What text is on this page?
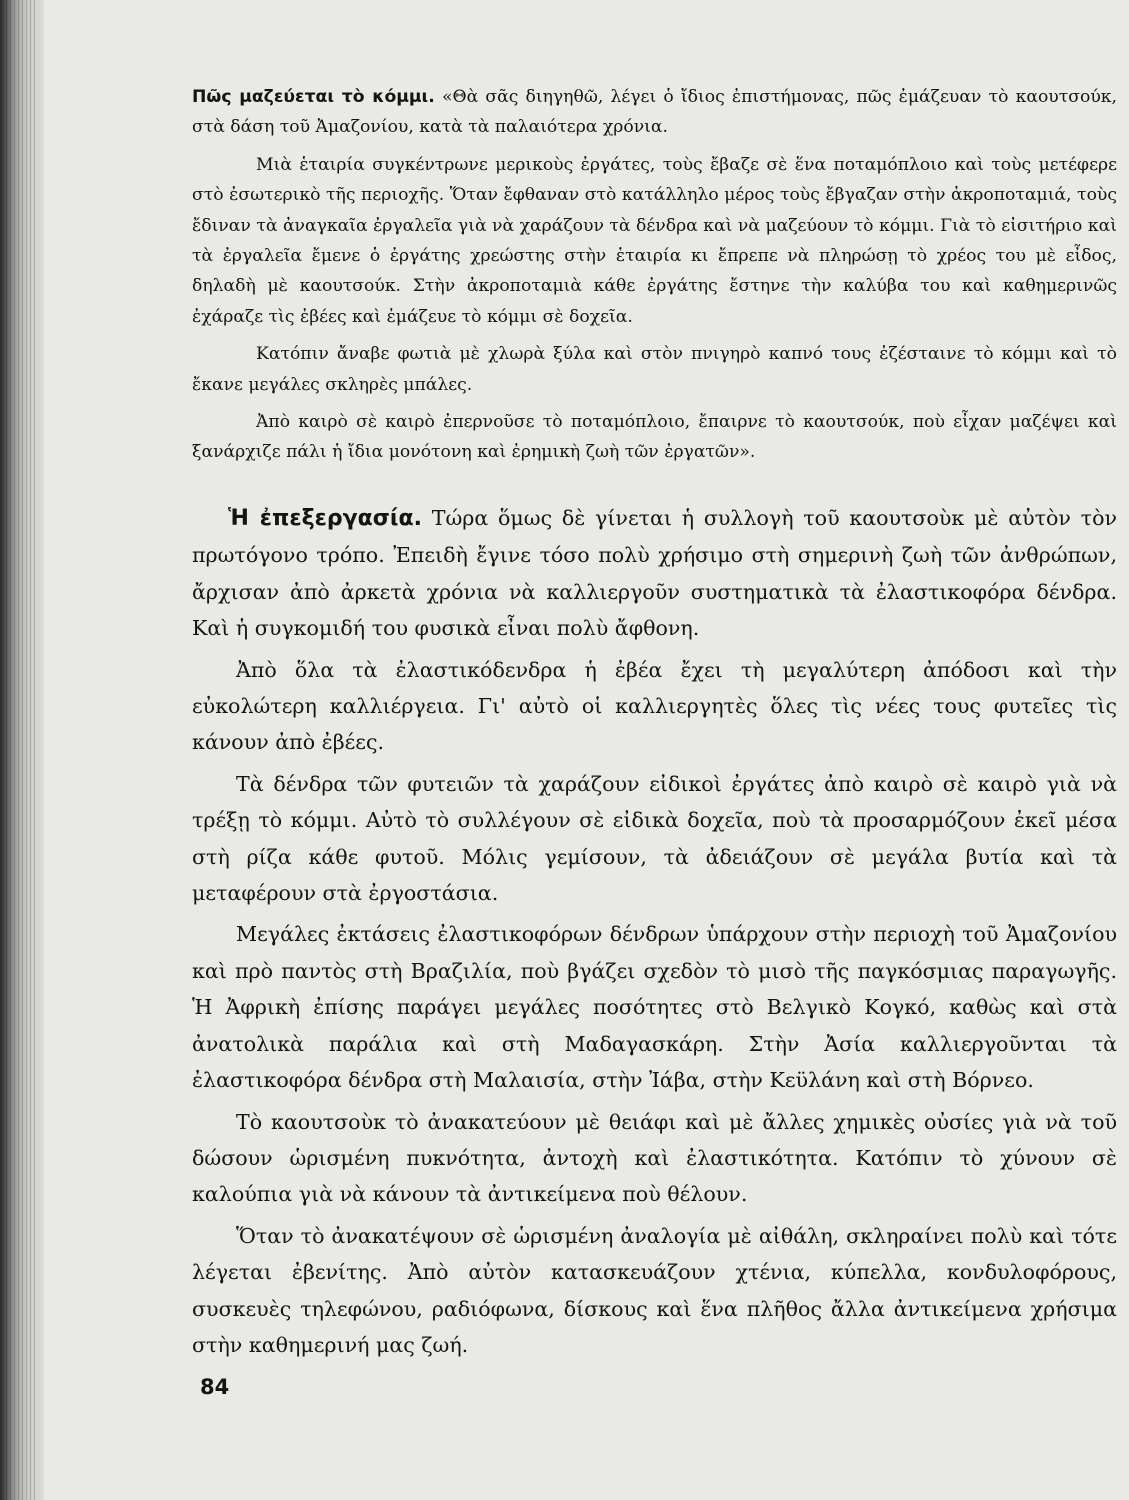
Πῶς μαζεύεται τὸ κόμμι. «Θὰ σᾶς διηγηθῶ, λέγει ὁ ἴδιος ἐπιστήμονας, πῶς ἐμάζευαν τὸ καουτσούκ, στὰ δάση τοῦ Ἀμαζονίου, κατὰ τὰ παλαιότερα χρόνια.

Μιὰ ἑταιρία συγκέντρωνε μερικοὺς ἐργάτες, τοὺς ἔβαζε σὲ ἕνα ποταμόπλοιο καὶ τοὺς μετέφερε στὸ ἐσωτερικὸ τῆς περιοχῆς. Ὅταν ἔφθαναν στὸ κατάλληλο μέρος τοὺς ἔβγαζαν στὴν ἀκροποταμιά, τοὺς ἔδιναν τὰ ἀναγκαῖα ἐργαλεῖα γιὰ νὰ χαράζουν τὰ δένδρα καὶ νὰ μαζεύουν τὸ κόμμι. Γιὰ τὸ εἰσιτήριο καὶ τὰ ἐργαλεῖα ἔμενε ὁ ἐργάτης χρεώστης στὴν ἑταιρία κι ἔπρεπε νὰ πληρώσῃ τὸ χρέος του μὲ εἶδος, δηλαδὴ μὲ καουτσούκ. Στὴν ἀκροποταμιὰ κάθε ἐργάτης ἔστηνε τὴν καλύβα του καὶ καθημερινῶς ἐχάραζε τὶς ἐβέες καὶ ἐμάζευε τὸ κόμμι σὲ δοχεῖα.

Κατόπιν ἄναβε φωτιὰ μὲ χλωρὰ ξύλα καὶ στὸν πνιγηρὸ καπνό τους ἐζέσταινε τὸ κόμμι καὶ τὸ ἔκανε μεγάλες σκληρὲς μπάλες.

Ἀπὸ καιρὸ σὲ καιρὸ ἐπερνοῦσε τὸ ποταμόπλοιο, ἔπαιρνε τὸ καουτσούκ, ποὺ εἶχαν μαζέψει καὶ ξανάρχιζε πάλι ἡ ἴδια μονότονη καὶ ἐρημικὴ ζωὴ τῶν ἐργατῶν».

Ἡ ἐπεξεργασία. Τώρα ὅμως δὲ γίνεται ἡ συλλογὴ τοῦ καουτσοὺκ μὲ αὐτὸν τὸν πρωτόγονο τρόπο. Ἐπειδὴ ἔγινε τόσο πολὺ χρήσιμο στὴ σημερινὴ ζωὴ τῶν ἀνθρώπων, ἄρχισαν ἀπὸ ἀρκετὰ χρόνια νὰ καλλιεργοῦν συστηματικὰ τὰ ἐλαστικοφόρα δένδρα. Καὶ ἡ συγκομιδή του φυσικὰ εἶναι πολὺ ἄφθονη.

Ἀπὸ ὅλα τὰ ἐλαστικόδενδρα ἡ ἐβέα ἔχει τὴ μεγαλύτερη ἀπόδοσι καὶ τὴν εὐκολώτερη καλλιέργεια. Γι' αὐτὸ οἱ καλλιεργητὲς ὅλες τὶς νέες τους φυτεῖες τὶς κάνουν ἀπὸ ἐβέες.

Τὰ δένδρα τῶν φυτειῶν τὰ χαράζουν εἰδικοὶ ἐργάτες ἀπὸ καιρὸ σὲ καιρὸ γιὰ νὰ τρέξῃ τὸ κόμμι. Αὐτὸ τὸ συλλέγουν σὲ εἰδικὰ δοχεῖα, ποὺ τὰ προσαρμόζουν ἐκεῖ μέσα στὴ ρίζα κάθε φυτοῦ. Μόλις γεμίσουν, τὰ ἀδειάζουν σὲ μεγάλα βυτία καὶ τὰ μεταφέρουν στὰ ἐργοστάσια.

Μεγάλες ἐκτάσεις ἐλαστικοφόρων δένδρων ὑπάρχουν στὴν περιοχὴ τοῦ Ἀμαζονίου καὶ πρὸ παντὸς στὴ Βραζιλία, ποὺ βγάζει σχεδὸν τὸ μισὸ τῆς παγκόσμιας παραγωγῆς. Ἡ Ἀφρικὴ ἐπίσης παράγει μεγάλες ποσότητες στὸ Βελγικὸ Κογκό, καθὼς καὶ στὰ ἀνατολικὰ παράλια καὶ στὴ Μαδαγασκάρη. Στὴν Ἀσία καλλιεργοῦνται τὰ ἐλαστικοφόρα δένδρα στὴ Μαλαισία, στὴν Ἰάβα, στὴν Κεϋλάνη καὶ στὴ Βόρνεο.

Τὸ καουτσοὺκ τὸ ἀνακατεύουν μὲ θειάφι καὶ μὲ ἄλλες χημικὲς οὐσίες γιὰ νὰ τοῦ δώσουν ὡρισμένη πυκνότητα, ἀντοχὴ καὶ ἐλαστικότητα. Κατόπιν τὸ χύνουν σὲ καλούπια γιὰ νὰ κάνουν τὰ ἀντικείμενα ποὺ θέλουν.

Ὅταν τὸ ἀνακατέψουν σὲ ὡρισμένη ἀναλογία μὲ αἰθάλη, σκληραίνει πολὺ καὶ τότε λέγεται ἐβενίτης. Ἀπὸ αὐτὸν κατασκευάζουν χτένια, κύπελλα, κονδυλοφόρους, συσκευὲς τηλεφώνου, ραδιόφωνα, δίσκους καὶ ἕνα πλῆθος ἄλλα ἀντικείμενα χρήσιμα στὴν καθημερινή μας ζωή.

84
